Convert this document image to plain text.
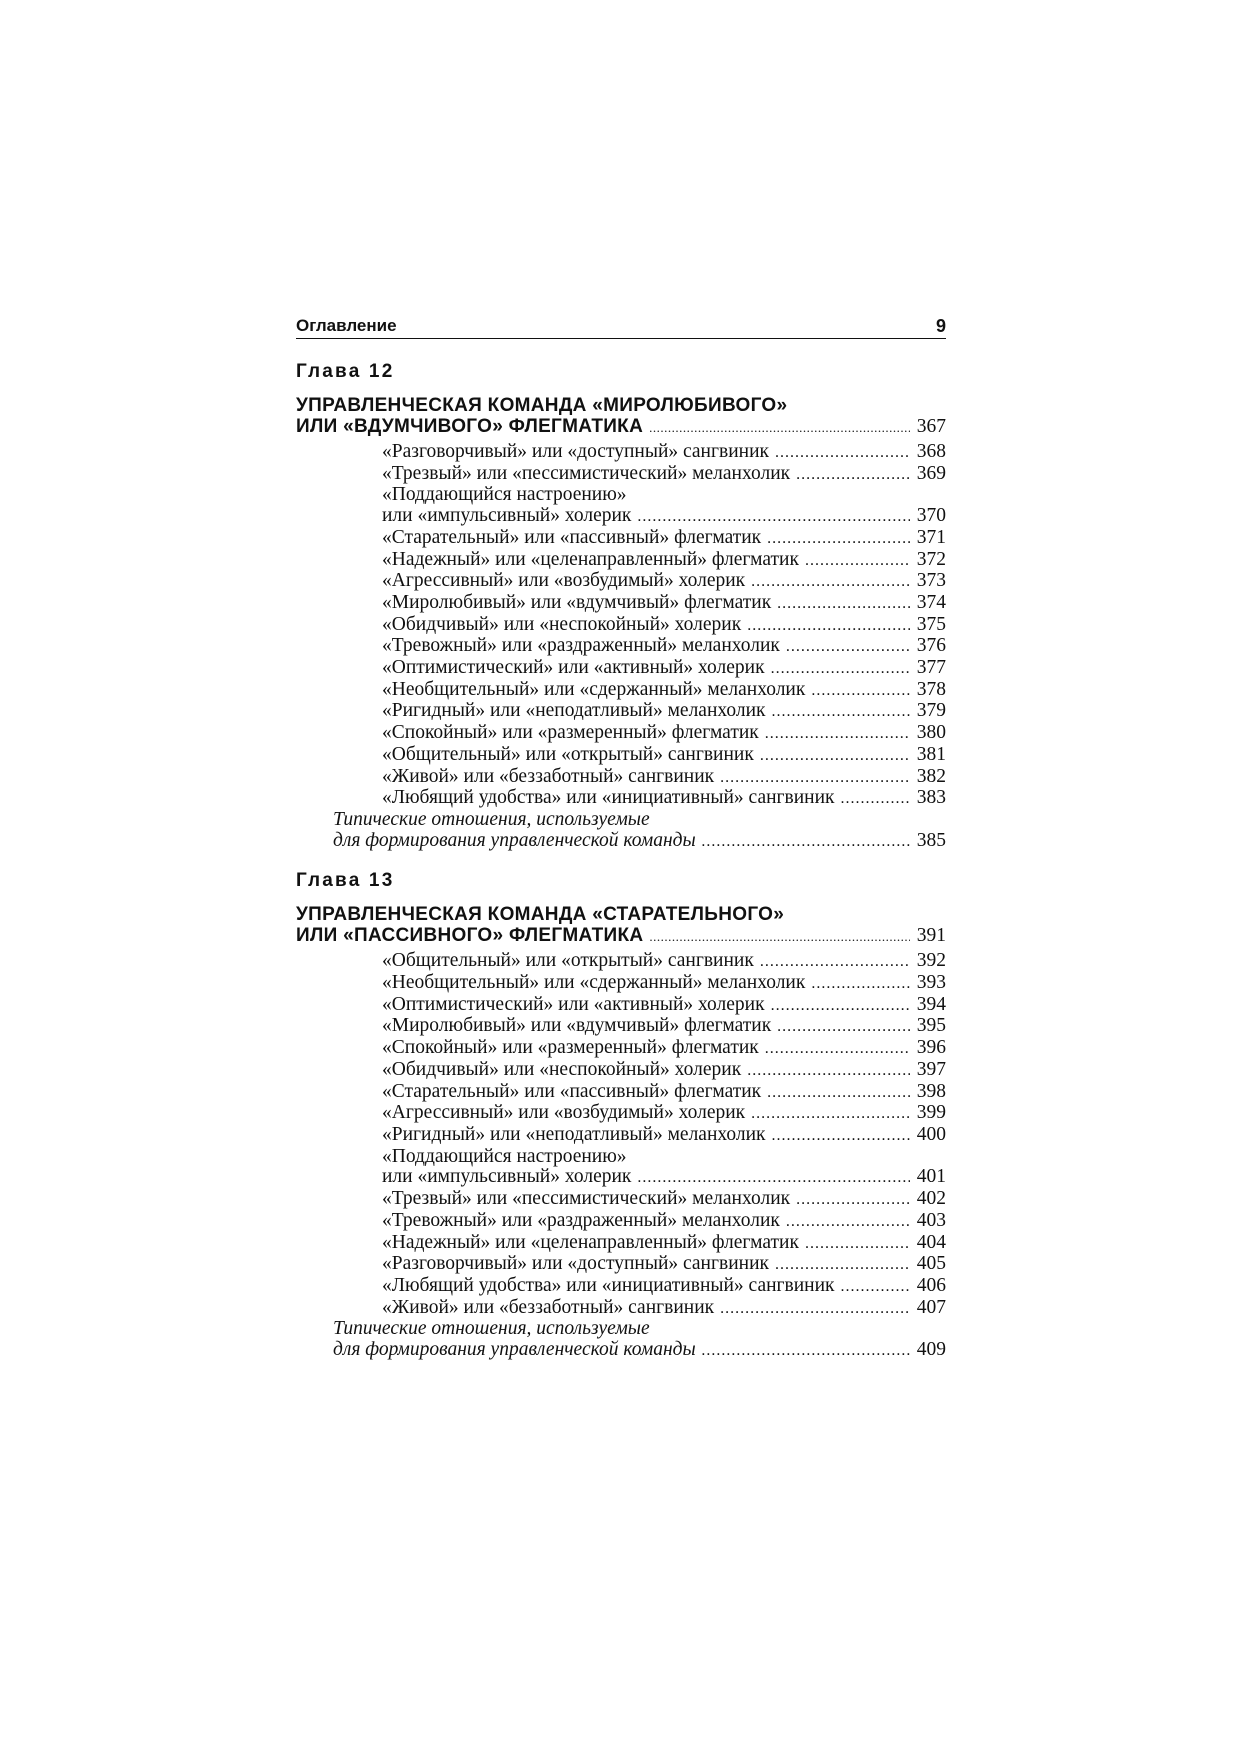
Оглавление	9
Глава 12
УПРАВЛЕНЧЕСКАЯ КОМАНДА «МИРОЛЮБИВОГО»
ИЛИ «ВДУМЧИВОГО» ФЛЕГМАТИКА .....	367
«Разговорчивый» или «доступный» сангвиник .....	368
«Трезвый» или «пессимистический» меланхолик .....	369
«Поддающийся настроению»
или «импульсивный» холерик .....	370
«Старательный» или «пассивный» флегматик .....	371
«Надежный» или «целенаправленный» флегматик .....	372
«Агрессивный» или «возбудимый» холерик .....	373
«Миролюбивый» или «вдумчивый» флегматик .....	374
«Обидчивый» или «неспокойный» холерик .....	375
«Тревожный» или «раздраженный» меланхолик .....	376
«Оптимистический» или «активный» холерик .....	377
«Необщительный» или «сдержанный» меланхолик .....	378
«Ригидный» или «неподатливый» меланхолик .....	379
«Спокойный» или «размеренный» флегматик .....	380
«Общительный» или «открытый» сангвиник .....	381
«Живой» или «беззаботный» сангвиник .....	382
«Любящий удобства» или «инициативный» сангвиник .....	383
Типические отношения, используемые
для формирования управленческой команды .....	385
Глава 13
УПРАВЛЕНЧЕСКАЯ КОМАНДА «СТАРАТЕЛЬНОГО»
ИЛИ «ПАССИВНОГО» ФЛЕГМАТИКА .....	391
«Общительный» или «открытый» сангвиник .....	392
«Необщительный» или «сдержанный» меланхолик .....	393
«Оптимистический» или «активный» холерик .....	394
«Миролюбивый» или «вдумчивый» флегматик .....	395
«Спокойный» или «размеренный» флегматик .....	396
«Обидчивый» или «неспокойный» холерик .....	397
«Старательный» или «пассивный» флегматик .....	398
«Агрессивный» или «возбудимый» холерик .....	399
«Ригидный» или «неподатливый» меланхолик .....	400
«Поддающийся настроению»
или «импульсивный» холерик .....	401
«Трезвый» или «пессимистический» меланхолик .....	402
«Тревожный» или «раздраженный» меланхолик .....	403
«Надежный» или «целенаправленный» флегматик .....	404
«Разговорчивый» или «доступный» сангвиник .....	405
«Любящий удобства» или «инициативный» сангвиник .....	406
«Живой» или «беззаботный» сангвиник .....	407
Типические отношения, используемые
для формирования управленческой команды .....	409
